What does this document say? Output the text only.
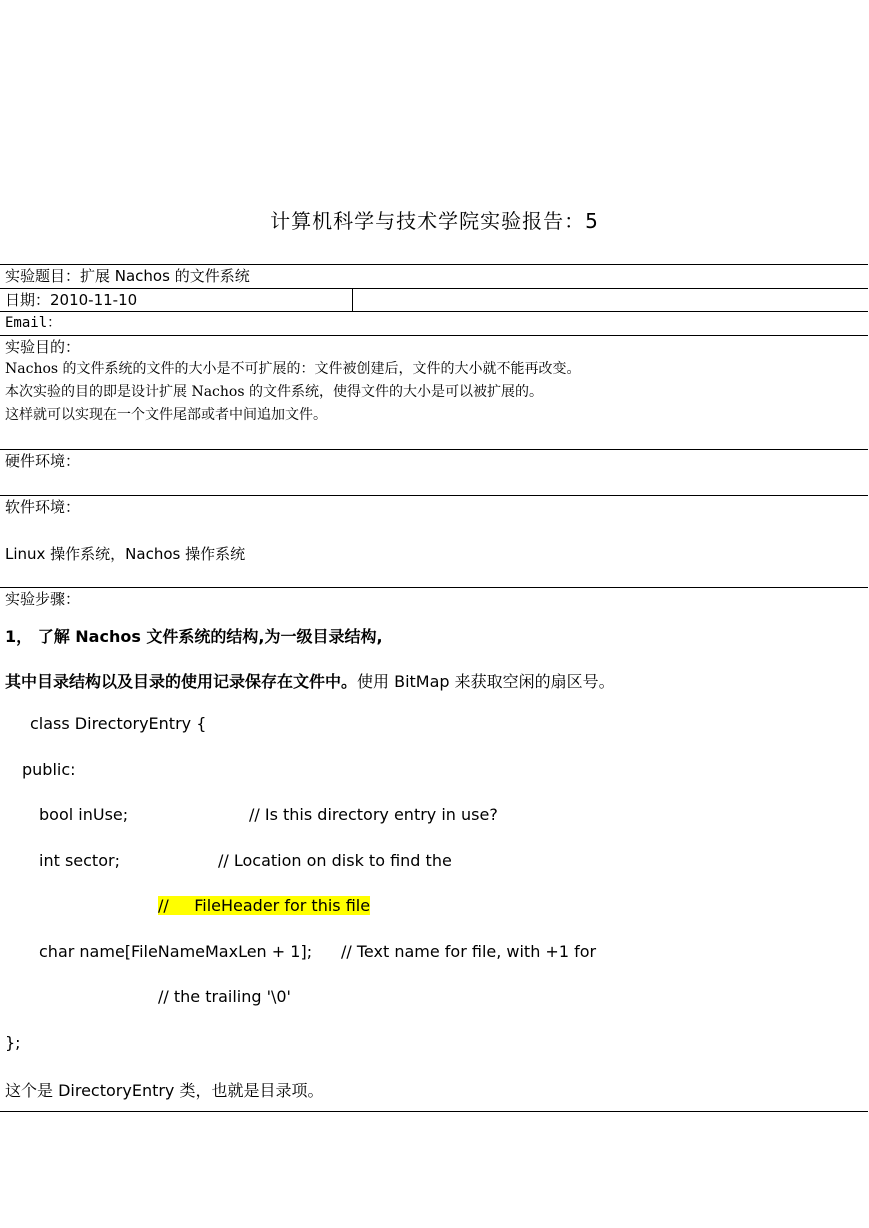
计算机科学与技术学院实验报告：5
实验题目：扩展 Nachos 的文件系统
日期：2010-11-10
Email：
实验目的：
Nachos 的文件系统的文件的大小是不可扩展的：文件被创建后，文件的大小就不能再改变。
本次实验的目的即是设计扩展 Nachos 的文件系统，使得文件的大小是可以被扩展的。
这样就可以实现在一个文件尾部或者中间追加文件。
硬件环境：
软件环境：
Linux 操作系统，Nachos 操作系统
实验步骤：
1， 了解 Nachos 文件系统的结构,为一级目录结构,
其中目录结构以及目录的使用记录保存在文件中。使用 BitMap 来获取空闲的扇区号。
class DirectoryEntry {
public:
bool inUse;	// Is this directory entry in use?
int sector;	// Location on disk to find the
//     FileHeader for this file
char name[FileNameMaxLen + 1]; // Text name for file, with +1 for
// the trailing '\0'
};
这个是 DirectoryEntry 类，也就是目录项。
